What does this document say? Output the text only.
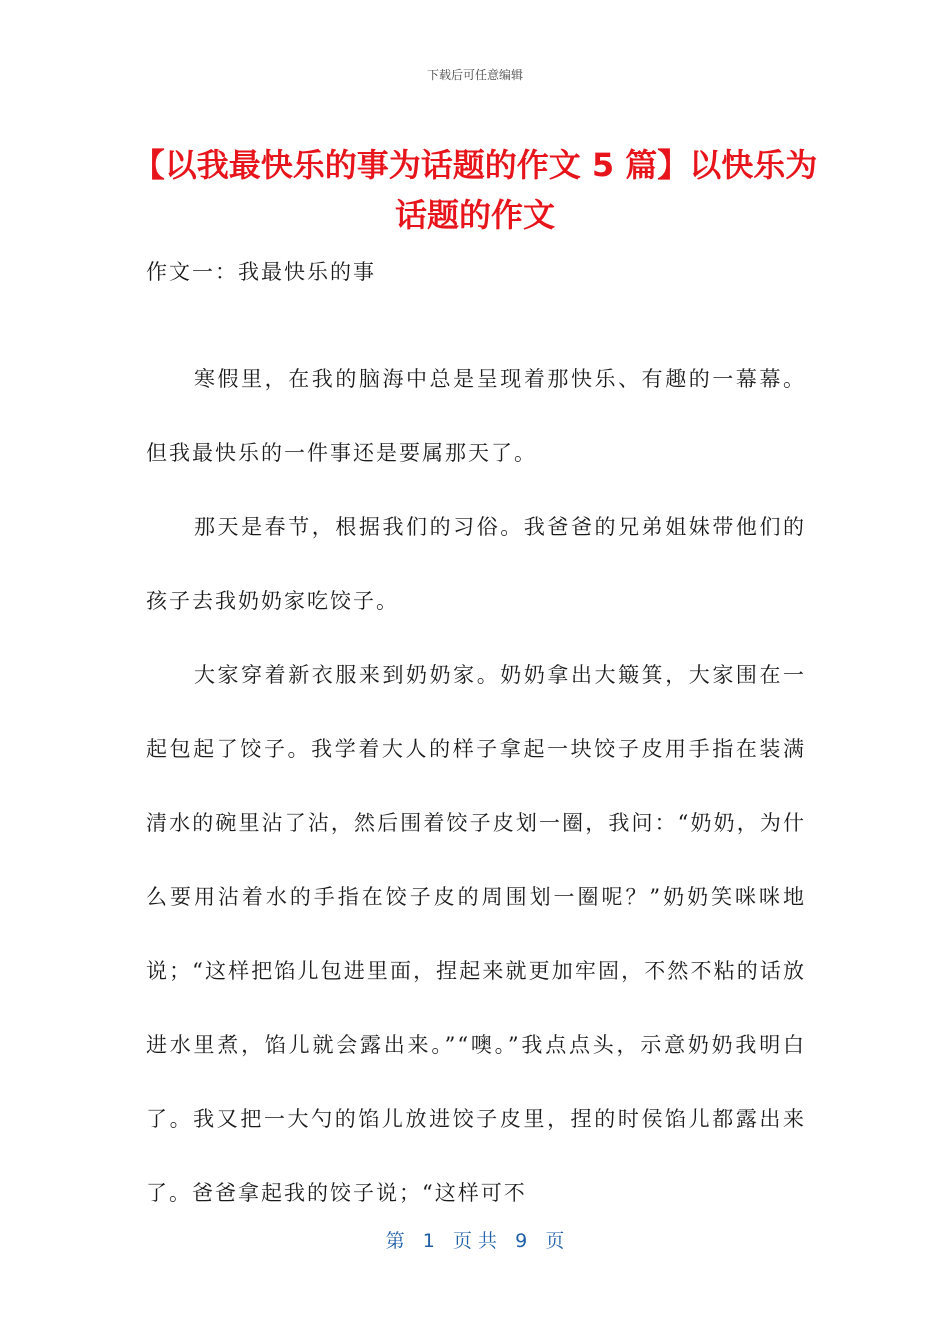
下载后可任意编辑
【以我最快乐的事为话题的作文 5 篇】以快乐为话题的作文
作文一：我最快乐的事

寒假里，在我的脑海中总是呈现着那快乐、有趣的一幕幕。但我最快乐的一件事还是要属那天了。

那天是春节，根据我们的习俗。我爸爸的兄弟姐妹带他们的孩子去我奶奶家吃饺子。

大家穿着新衣服来到奶奶家。奶奶拿出大簸箕，大家围在一起包起了饺子。我学着大人的样子拿起一块饺子皮用手指在装满清水的碗里沾了沾，然后围着饺子皮划一圈，我问：“奶奶，为什么要用沾着水的手指在饺子皮的周围划一圈呢？”奶奶笑咪咪地说；“这样把馅儿包进里面，捏起来就更加牢固，不然不粘的话放进水里煮，馅儿就会露出来。”“噢。”我点点头，示意奶奶我明白了。我又把一大勺的馅儿放进饺子皮里，捏的时侯馅儿都露出来了。爸爸拿起我的饺子说；“这样可不

第   1   页 共   9   页
